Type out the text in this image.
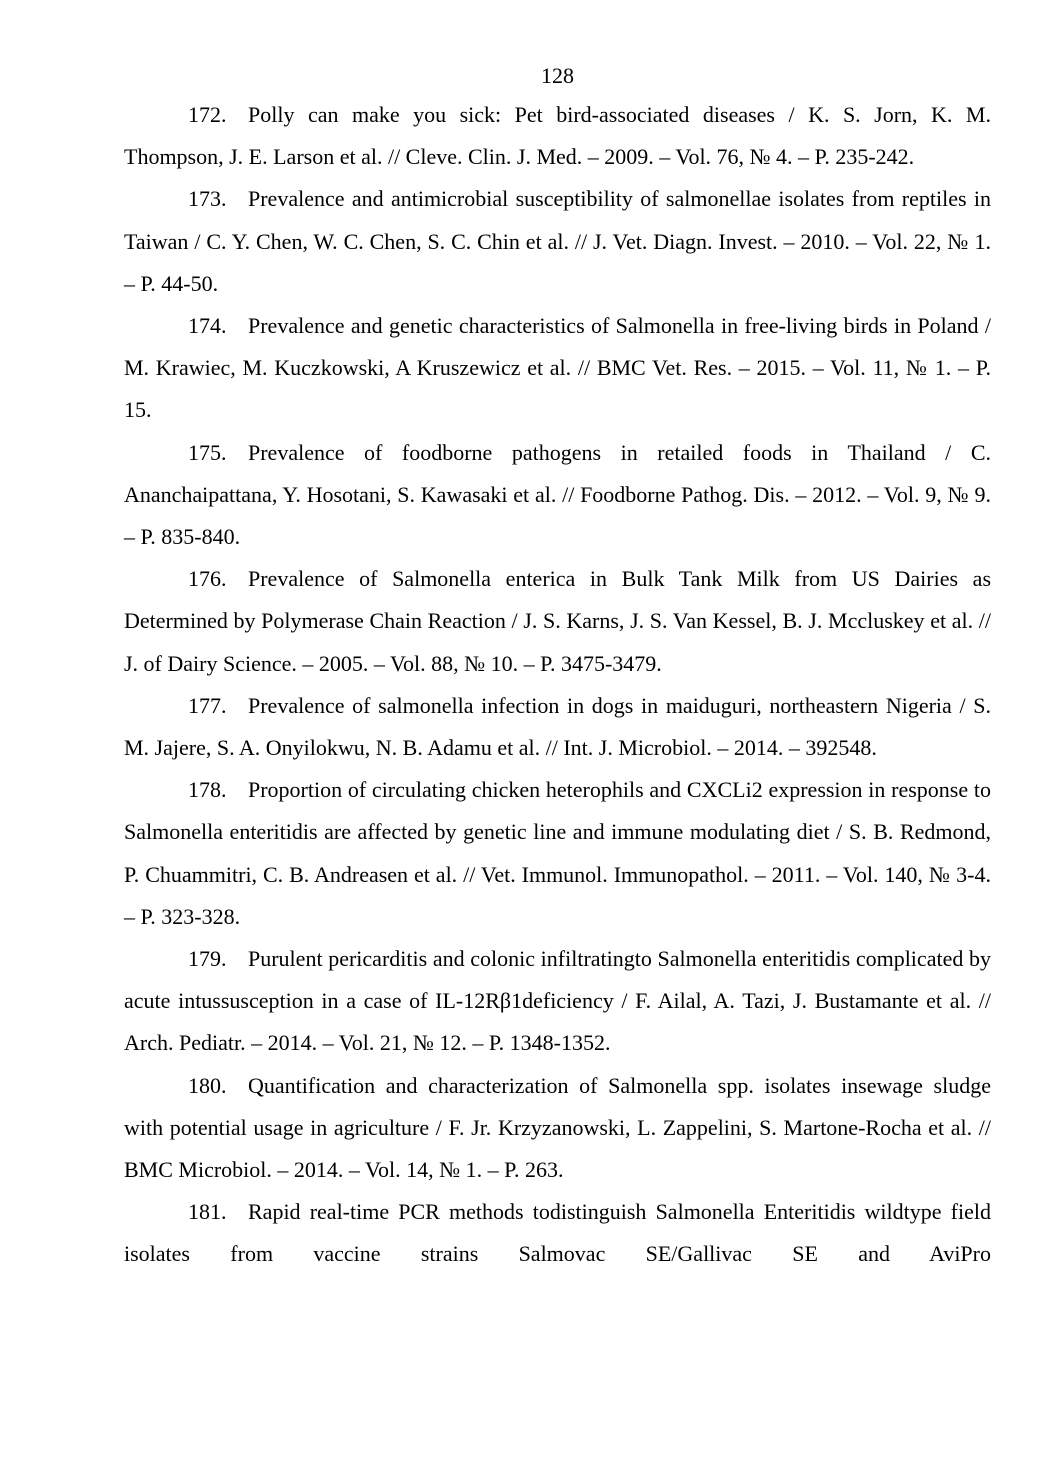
128

172. Polly can make you sick: Pet bird-associated diseases / K. S. Jorn, K. M. Thompson, J. E. Larson et al. // Cleve. Clin. J. Med. – 2009. – Vol. 76, № 4. – P. 235-242.

173. Prevalence and antimicrobial susceptibility of salmonellae isolates from reptiles in Taiwan / C. Y. Chen, W. C. Chen, S. C. Chin et al. // J. Vet. Diagn. Invest. – 2010. – Vol. 22, № 1. – P. 44-50.

174. Prevalence and genetic characteristics of Salmonella in free-living birds in Poland / M. Krawiec, M. Kuczkowski, A Kruszewicz et al. // BMC Vet. Res. – 2015. – Vol. 11, № 1. – P. 15.

175. Prevalence of foodborne pathogens in retailed foods in Thailand / C. Ananchaipattana, Y. Hosotani, S. Kawasaki et al. // Foodborne Pathog. Dis. – 2012. – Vol. 9, № 9. – P. 835-840.

176. Prevalence of Salmonella enterica in Bulk Tank Milk from US Dairies as Determined by Polymerase Chain Reaction / J. S. Karns, J. S. Van Kessel, B. J. Mccluskey et al. // J. of Dairy Science. – 2005. – Vol. 88, № 10. – P. 3475-3479.

177. Prevalence of salmonella infection in dogs in maiduguri, northeastern Nigeria / S. M. Jajere, S. A. Onyilokwu, N. B. Adamu et al. // Int. J. Microbiol. – 2014. – 392548.

178. Proportion of circulating chicken heterophils and CXCLi2 expression in response to Salmonella enteritidis are affected by genetic line and immune modulating diet / S. B. Redmond, P. Chuammitri, C. B. Andreasen et al. // Vet. Immunol. Immunopathol. – 2011. – Vol. 140, № 3-4. – P. 323-328.

179. Purulent pericarditis and colonic infiltratingto Salmonella enteritidis complicated by acute intussusception in a case of IL-12Rβ1deficiency / F. Ailal, A. Tazi, J. Bustamante et al. // Arch. Pediatr. – 2014. – Vol. 21, № 12. – P. 1348-1352.

180. Quantification and characterization of Salmonella spp. isolates insewage sludge with potential usage in agriculture / F. Jr. Krzyzanowski, L. Zappelini, S. Martone-Rocha et al. // BMC Microbiol. – 2014. – Vol. 14, № 1. – P. 263.

181. Rapid real-time PCR methods todistinguish Salmonella Enteritidis wildtype field isolates from vaccine strains Salmovac SE/Gallivac SE and AviPro
